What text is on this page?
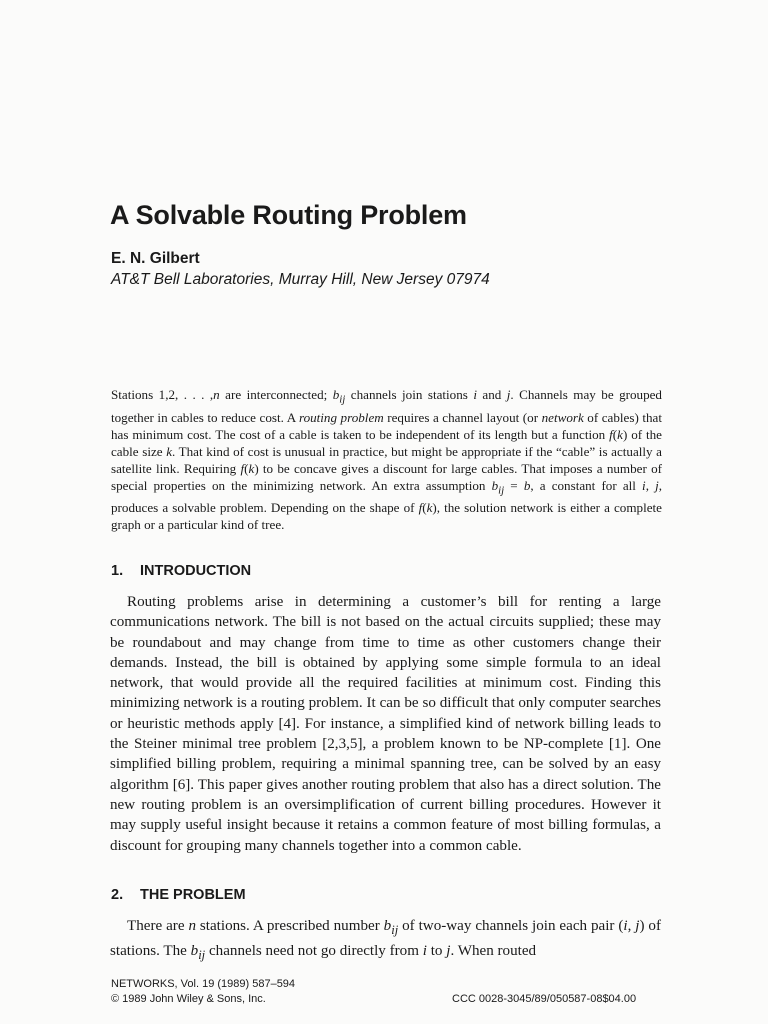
A Solvable Routing Problem
E. N. Gilbert
AT&T Bell Laboratories, Murray Hill, New Jersey 07974

Stations 1,2, . . . ,n are interconnected; $b_{ij}$ channels join stations i and j. Channels may be grouped together in cables to reduce cost. A routing problem requires a channel layout (or network of cables) that has minimum cost. The cost of a cable is taken to be independent of its length but a function f(k) of the cable size k. That kind of cost is unusual in practice, but might be appropriate if the “cable” is actually a satellite link. Requiring f(k) to be concave gives a discount for large cables. That imposes a number of special properties on the minimizing network. An extra assumption $b_{ij} = b$, a constant for all i, j, produces a solvable problem. Depending on the shape of f(k), the solution network is either a complete graph or a particular kind of tree.

1. INTRODUCTION

Routing problems arise in determining a customer’s bill for renting a large communications network. The bill is not based on the actual circuits supplied; these may be roundabout and may change from time to time as other customers change their demands. Instead, the bill is obtained by applying some simple formula to an ideal network, that would provide all the required facilities at minimum cost. Finding this minimizing network is a routing problem. It can be so difficult that only computer searches or heuristic methods apply [4]. For instance, a simplified kind of network billing leads to the Steiner minimal tree problem [2,3,5], a problem known to be NP-complete [1]. One simplified billing problem, requiring a minimal spanning tree, can be solved by an easy algorithm [6]. This paper gives another routing problem that also has a direct solution. The new routing problem is an oversimplification of current billing procedures. However it may supply useful insight because it retains a common feature of most billing formulas, a discount for grouping many channels together into a common cable.

2. THE PROBLEM

There are n stations. A prescribed number $b_{ij}$ of two-way channels join each pair (i, j) of stations. The $b_{ij}$ channels need not go directly from i to j. When routed

NETWORKS, Vol. 19 (1989) 587–594
© 1989 John Wiley & Sons, Inc.	CCC 0028-3045/89/050587-08$04.00
